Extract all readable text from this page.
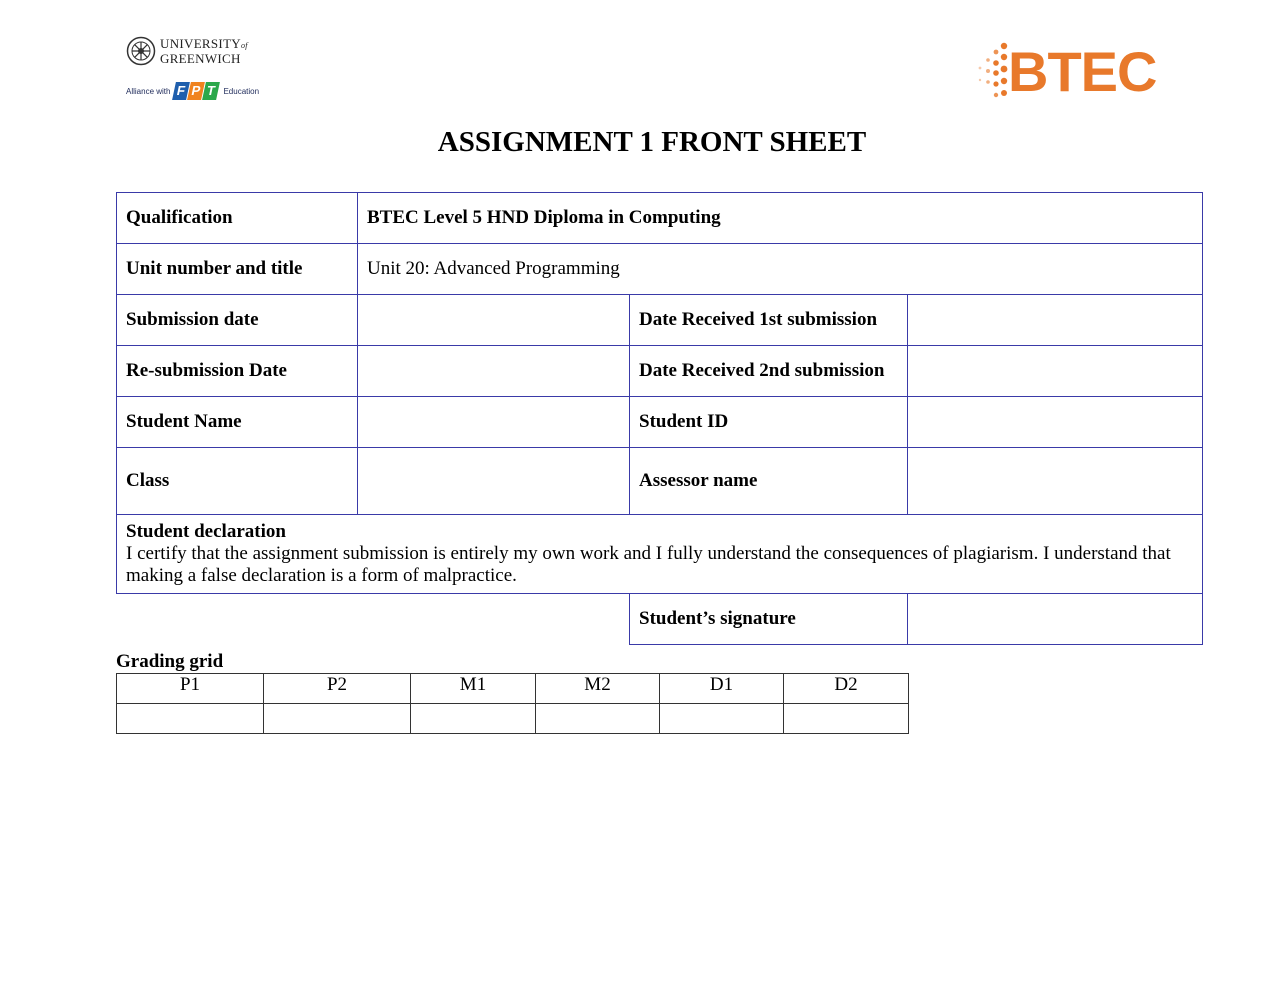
UNIVERSITYof
GREENWICH
Alliance with F P T Education	BTEC
ASSIGNMENT 1 FRONT SHEET
Qualification	BTEC Level 5 HND Diploma in Computing		
Unit number and title	Unit 20: Advanced Programming		
Submission date		Date Received 1st submission	
Re-submission Date		Date Received 2nd submission	
Student Name		Student ID	
Class		Assessor name	

Student declaration
I certify that the assignment submission is entirely my own work and I fully understand the consequences of plagiarism. I understand that making a false declaration is a form of malpractice.			
		Student’s signature	
Grading grid
P1	P2	M1	M2	D1	D2
